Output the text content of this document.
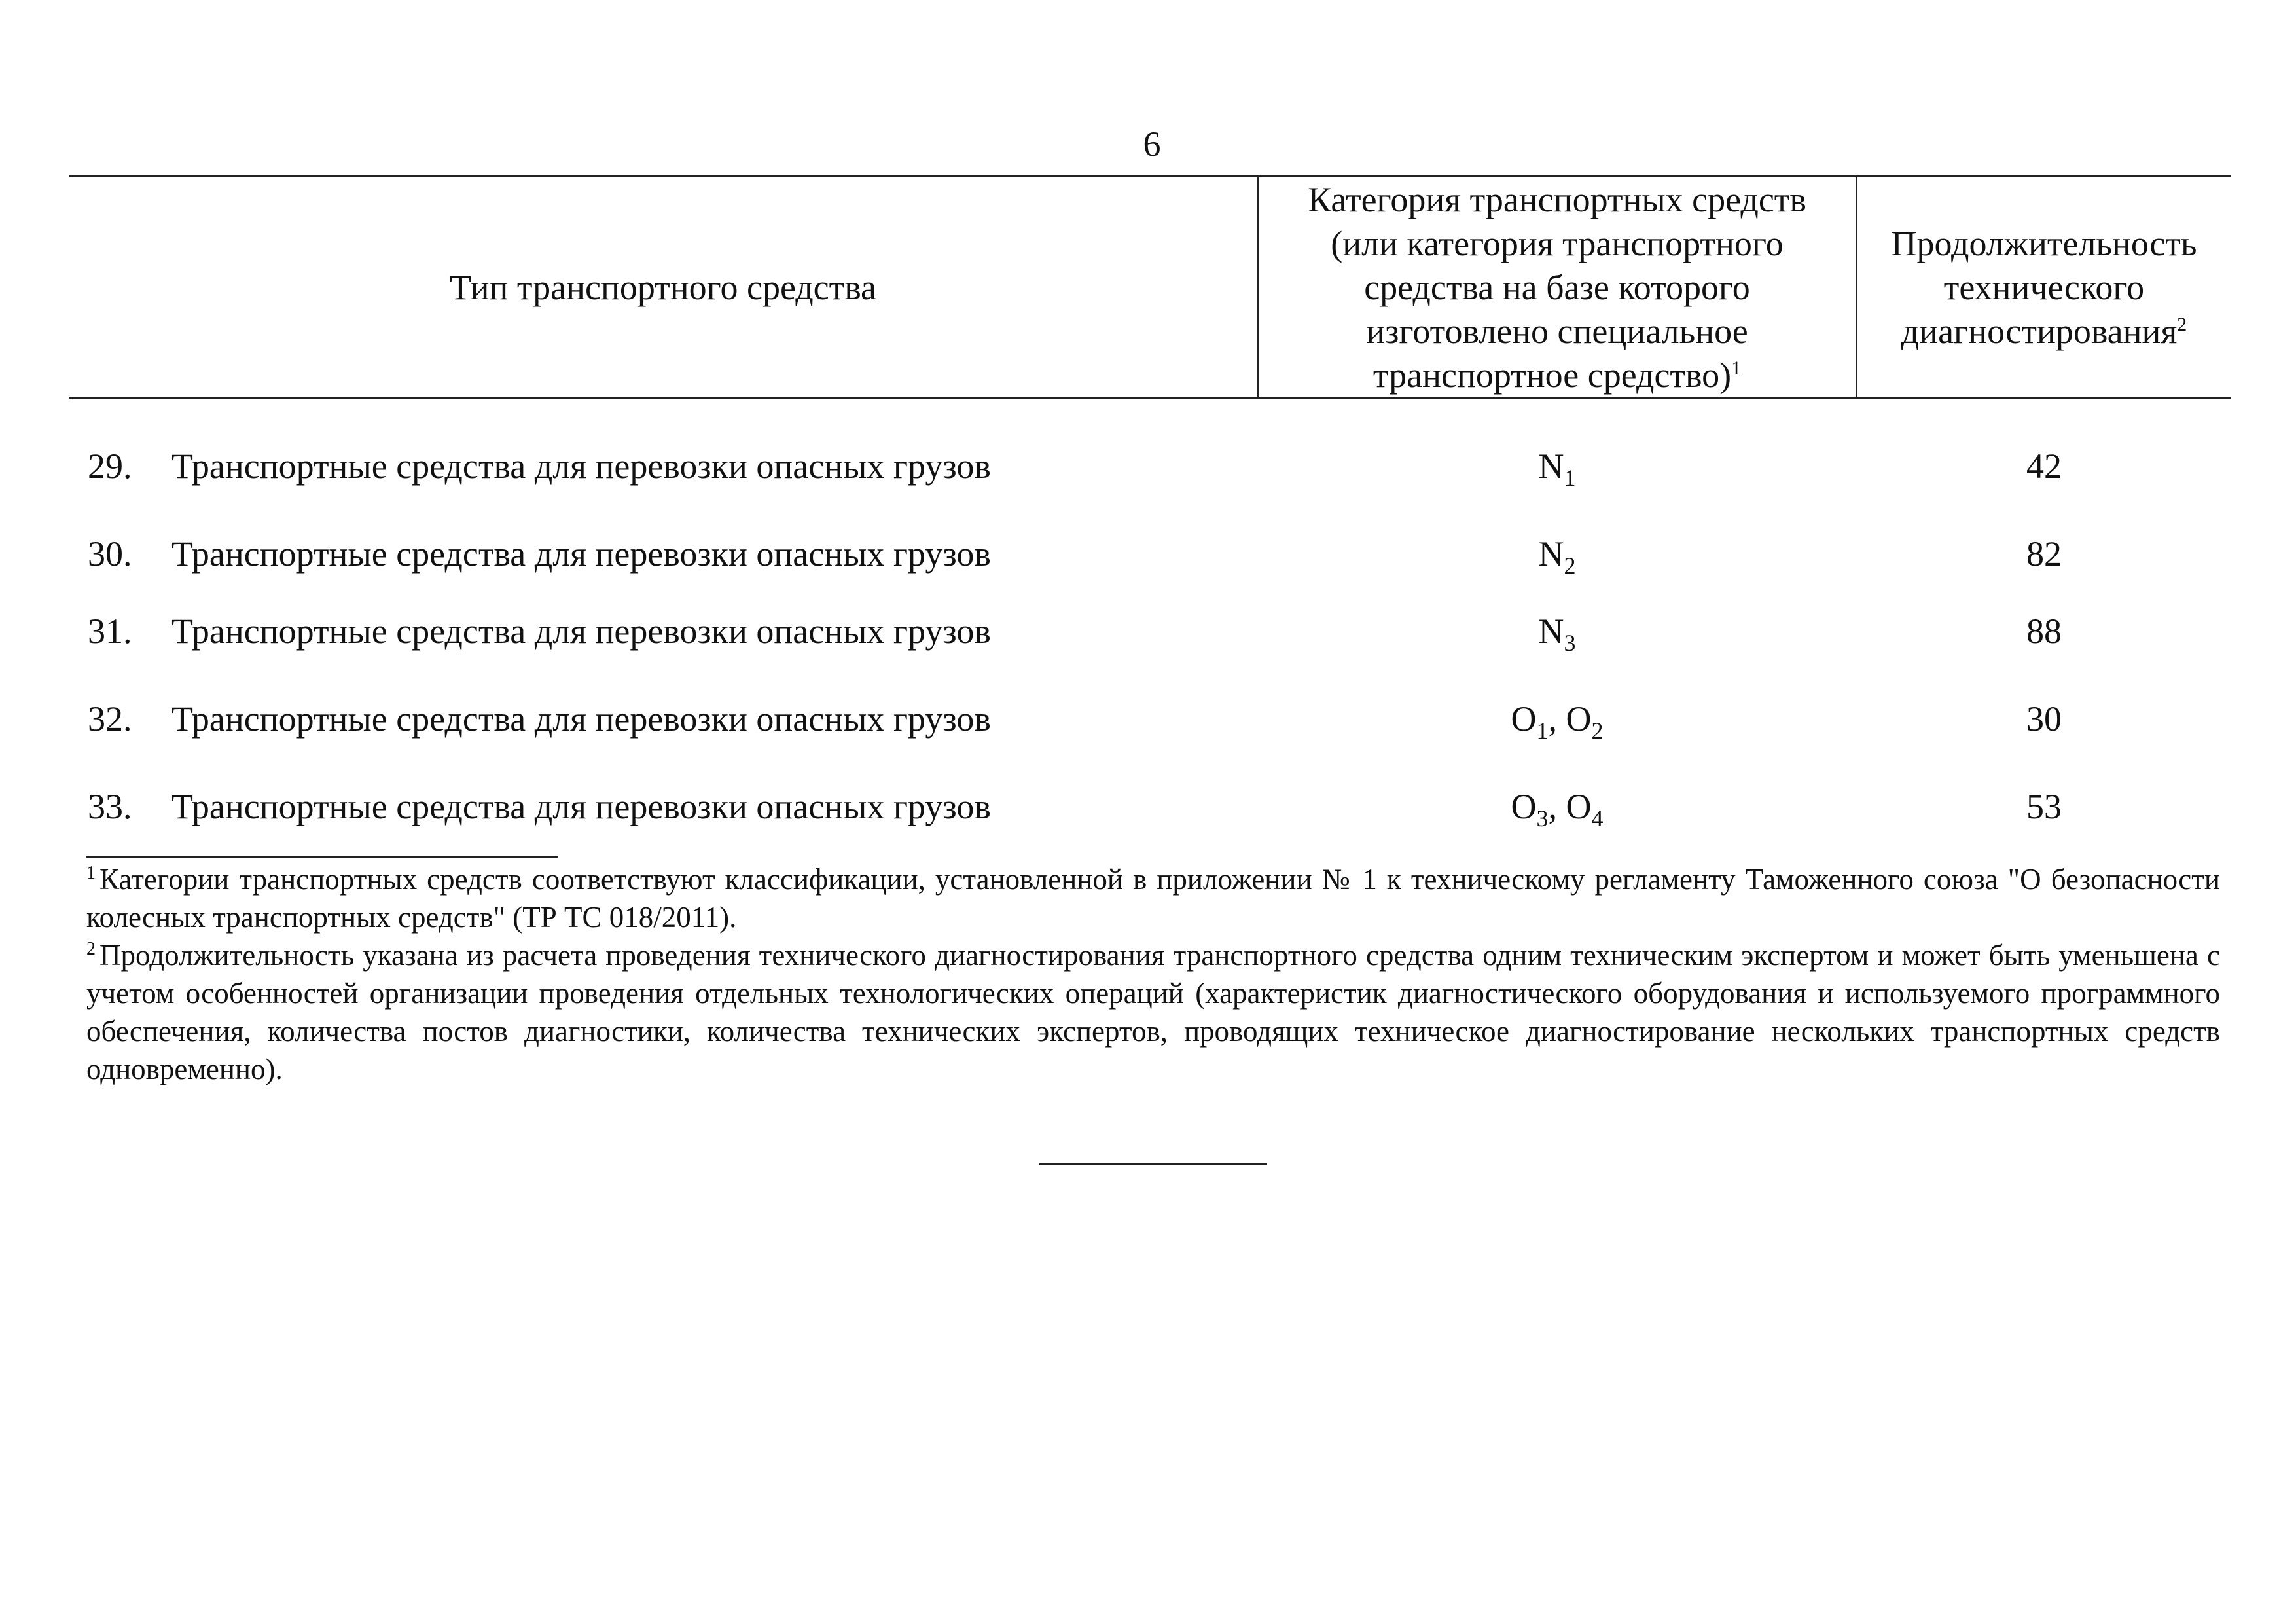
6
Тип транспортного средства
Категория транспортных средств (или категория транспортного средства на базе которого изготовлено специальное транспортное средство)$^1$
Продолжительность технического диагностирования$^2$
29.	Транспортные средства для перевозки опасных грузов	$N_1$	42
30.	Транспортные средства для перевозки опасных грузов	$N_2$	82
31.	Транспортные средства для перевозки опасных грузов	$N_3$	88
32.	Транспортные средства для перевозки опасных грузов	$O_1$, $O_2$	30
33.	Транспортные средства для перевозки опасных грузов	$O_3$, $O_4$	53
$^1$ Категории транспортных средств соответствуют классификации, установленной в приложении № 1 к техническому регламенту Таможенного союза "О безопасности колесных транспортных средств" (ТР ТС 018/2011).
$^2$ Продолжительность указана из расчета проведения технического диагностирования транспортного средства одним техническим экспертом и может быть уменьшена с учетом особенностей организации проведения отдельных технологических операций (характеристик диагностического оборудования и используемого программного обеспечения, количества постов диагностики, количества технических экспертов, проводящих техническое диагностирование нескольких транспортных средств одновременно).
